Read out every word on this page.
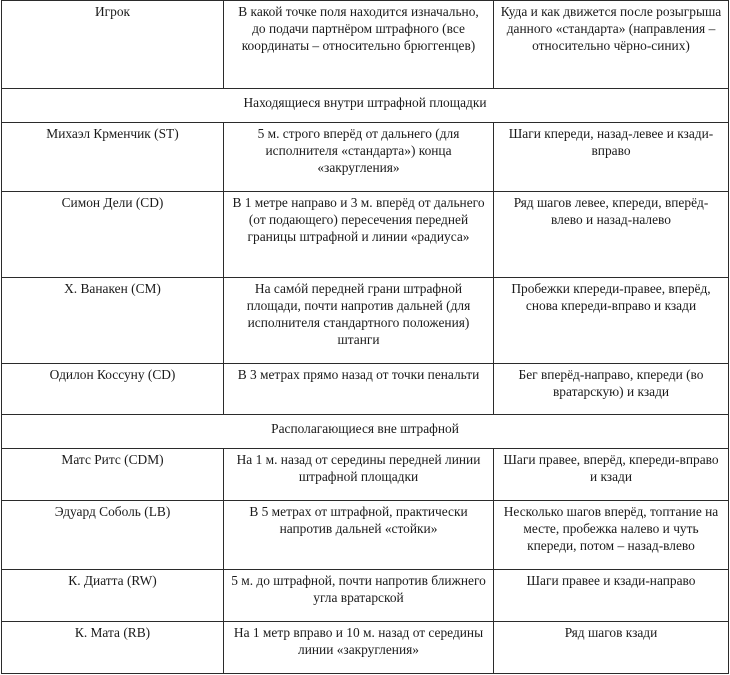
Игрок	В какой точке поля находится изначально, до подачи партнёром штрафного (все координаты – относительно брюггенцев)	Куда и как движется после розыгрыша данного «стандарта» (направления – относительно чёрно-синих)
Находящиеся внутри штрафной площадки		
Михаэл Крменчик (ST)	5 м. строго вперёд от дальнего (для исполнителя «стандарта») конца «закругления»	Шаги кпереди, назад-левее и кзади-вправо
Симон Дели (CD)	В 1 метре направо и 3 м. вперёд от дальнего (от подающего) пересечения передней границы штрафной и линии «радиуса»	Ряд шагов левее, кпереди, вперёд-влево и назад-налево
Х. Ванакен (CM)	На самóй передней грани штрафной площади, почти напротив дальней (для исполнителя стандартного положения) штанги	Пробежки кпереди-правее, вперёд, снова кпереди-вправо и кзади
Одилон Коссуну (CD)	В 3 метрах прямо назад от точки пенальти	Бег вперёд-направо, кпереди (во вратарскую) и кзади
Располагающиеся вне штрафной		
Матс Ритс (CDM)	На 1 м. назад от середины передней линии штрафной площадки	Шаги правее, вперёд, кпереди-вправо и кзади
Эдуард Соболь (LB)	В 5 метрах от штрафной, практически напротив дальней «стойки»	Несколько шагов вперёд, топтание на месте, пробежка налево и чуть кпереди, потом – назад-влево
К. Диатта (RW)	5 м. до штрафной, почти напротив ближнего угла вратарской	Шаги правее и кзади-направо
К. Мата (RB)	На 1 метр вправо и 10 м. назад от середины линии «закругления»	Ряд шагов кзади
